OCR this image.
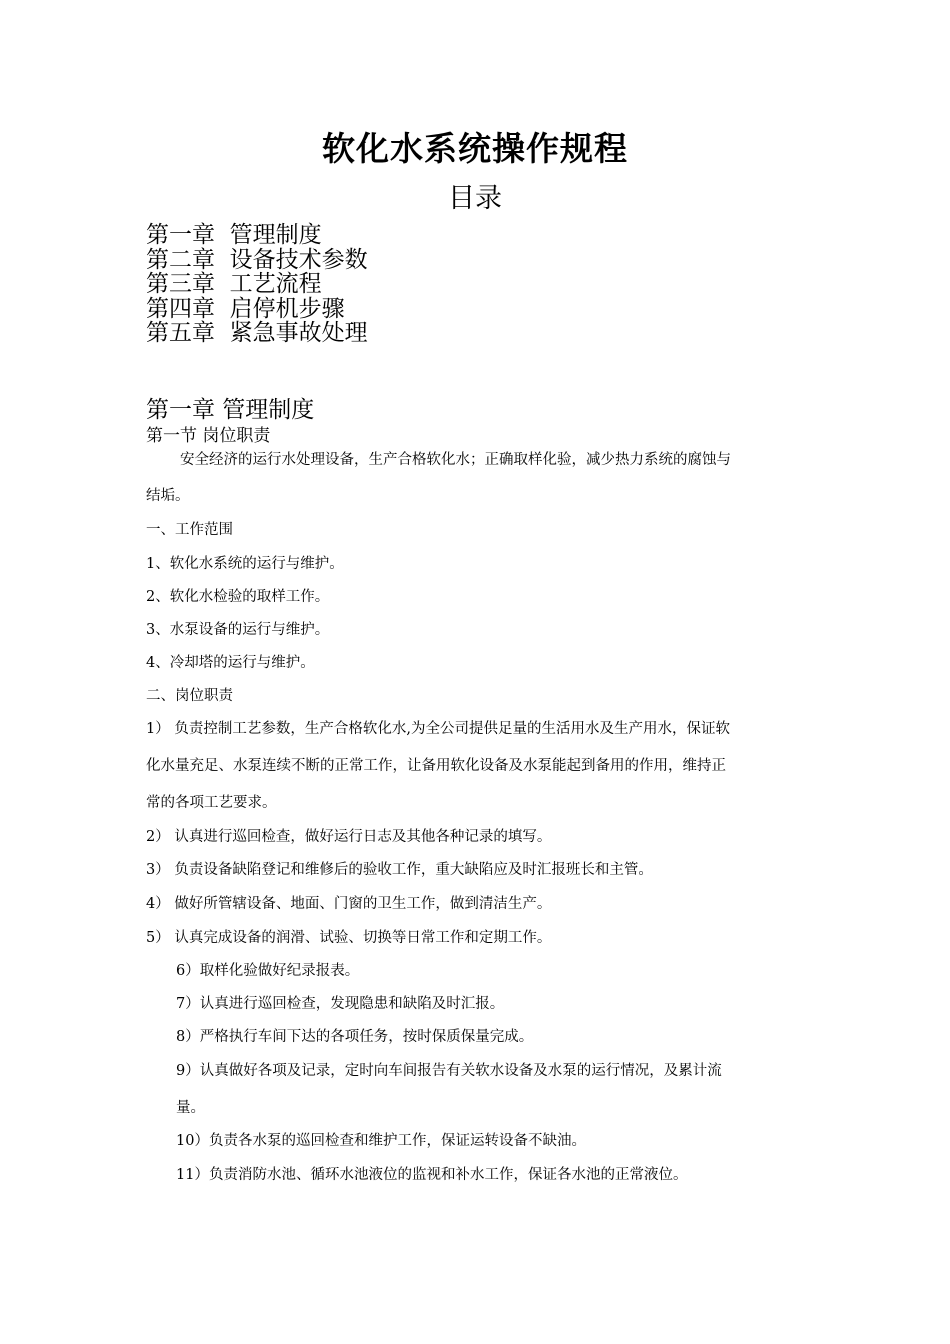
软化水系统操作规程
目录

第一章  管理制度

第二章  设备技术参数

第三章  工艺流程

第四章  启停机步骤

第五章  紧急事故处理

第一章 管理制度

第一节 岗位职责

安全经济的运行水处理设备，生产合格软化水；正确取样化验，减少热力系统的腐蚀与

结垢。

一、工作范围

1、软化水系统的运行与维护。

2、软化水检验的取样工作。

3、水泵设备的运行与维护。

4、冷却塔的运行与维护。

二、岗位职责

1） 负责控制工艺参数，生产合格软化水,为全公司提供足量的生活用水及生产用水，保证软

化水量充足、水泵连续不断的正常工作，让备用软化设备及水泵能起到备用的作用，维持正

常的各项工艺要求。

2） 认真进行巡回检查，做好运行日志及其他各种记录的填写。

3） 负责设备缺陷登记和维修后的验收工作，重大缺陷应及时汇报班长和主管。

4） 做好所管辖设备、地面、门窗的卫生工作，做到清洁生产。

5） 认真完成设备的润滑、试验、切换等日常工作和定期工作。

6）取样化验做好纪录报表。

7）认真进行巡回检查，发现隐患和缺陷及时汇报。

8）严格执行车间下达的各项任务，按时保质保量完成。

9）认真做好各项及记录，定时向车间报告有关软水设备及水泵的运行情况，及累计流

量。

10）负责各水泵的巡回检查和维护工作，保证运转设备不缺油。

11）负责消防水池、循环水池液位的监视和补水工作，保证各水池的正常液位。
